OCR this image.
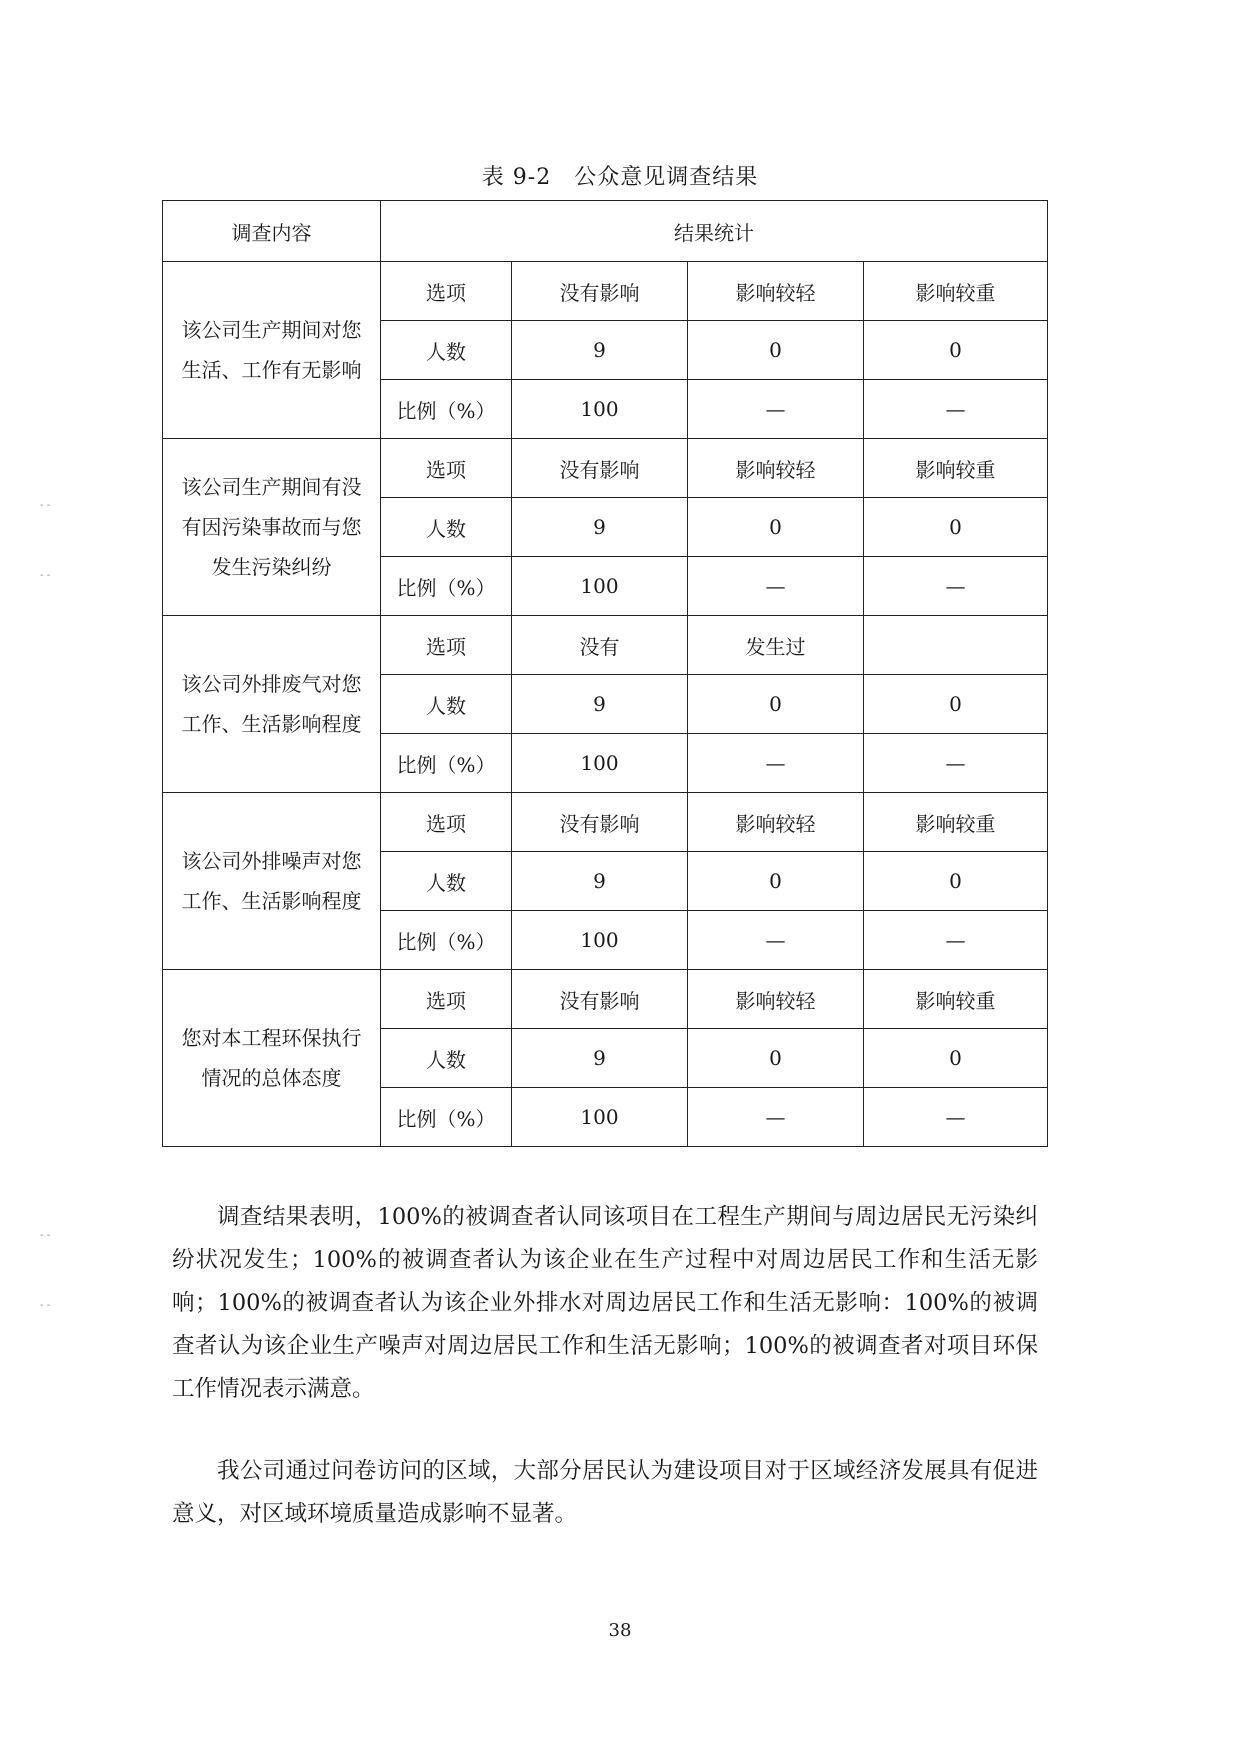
表 9-2　公众意见调查结果
调查内容	结果统计			

该公司生产期间对您
生活、工作有无影响	选项	没有影响	影响较轻	影响较重
	人数	9	0	0
	比例（%）	100	—	—

该公司生产期间有没
有因污染事故而与您
发生污染纠纷	选项	没有影响	影响较轻	影响较重
	人数	9	0	0
	比例（%）	100	—	—

该公司外排废气对您
工作、生活影响程度	选项	没有	发生过	
	人数	9	0	0
	比例（%）	100	—	—

该公司外排噪声对您
工作、生活影响程度	选项	没有影响	影响较轻	影响较重
	人数	9	0	0
	比例（%）	100	—	—

您对本工程环保执行
情况的总体态度	选项	没有影响	影响较轻	影响较重
	人数	9	0	0
	比例（%）	100	—	—

调查结果表明，100%的被调查者认同该项目在工程生产期间与周边居民无污染纠纷状况发生；100%的被调查者认为该企业在生产过程中对周边居民工作和生活无影响；100%的被调查者认为该企业外排水对周边居民工作和生活无影响：100%的被调查者认为该企业生产噪声对周边居民工作和生活无影响；100%的被调查者对项目环保工作情况表示满意。

我公司通过问卷访问的区域，大部分居民认为建设项目对于区域经济发展具有促进意义，对区域环境质量造成影响不显著。

38
- -
- -
- -
- -
